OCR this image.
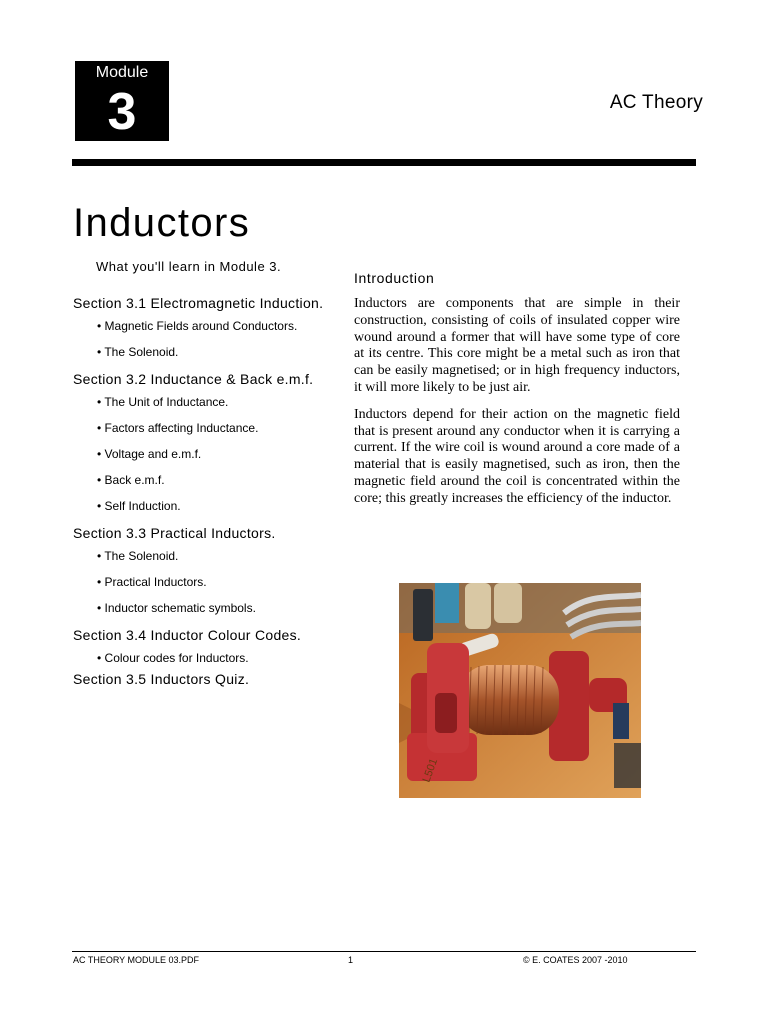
Module
3	AC Theory
Inductors
What you'll learn in Module 3.
Section 3.1 Electromagnetic Induction.
• Magnetic Fields around Conductors.
• The Solenoid.
Section 3.2 Inductance & Back e.m.f.
• The Unit of Inductance.
• Factors affecting Inductance.
• Voltage and e.m.f.
• Back e.m.f.
• Self Induction.
Section 3.3 Practical Inductors.
• The Solenoid.
• Practical Inductors.
• Inductor schematic symbols.
Section 3.4 Inductor Colour Codes.
• Colour codes for Inductors.
Section 3.5 Inductors Quiz.
Introduction

Inductors are components that are simple in their construction, consisting of coils of insulated copper wire wound around a former that will have some type of core at its centre. This core might be a metal such as iron that can be easily magnetised; or in high frequency inductors, it will more likely to be just air.

Inductors depend for their action on the magnetic field that is present around any conductor when it is carrying a current. If the wire coil is wound around a core made of a material that is easily magnetised, such as iron, then the magnetic field around the coil is concentrated within the core; this greatly increases the efficiency of the inductor.

L501
AC THEORY MODULE 03.PDF	1	© E. COATES 2007 -2010
